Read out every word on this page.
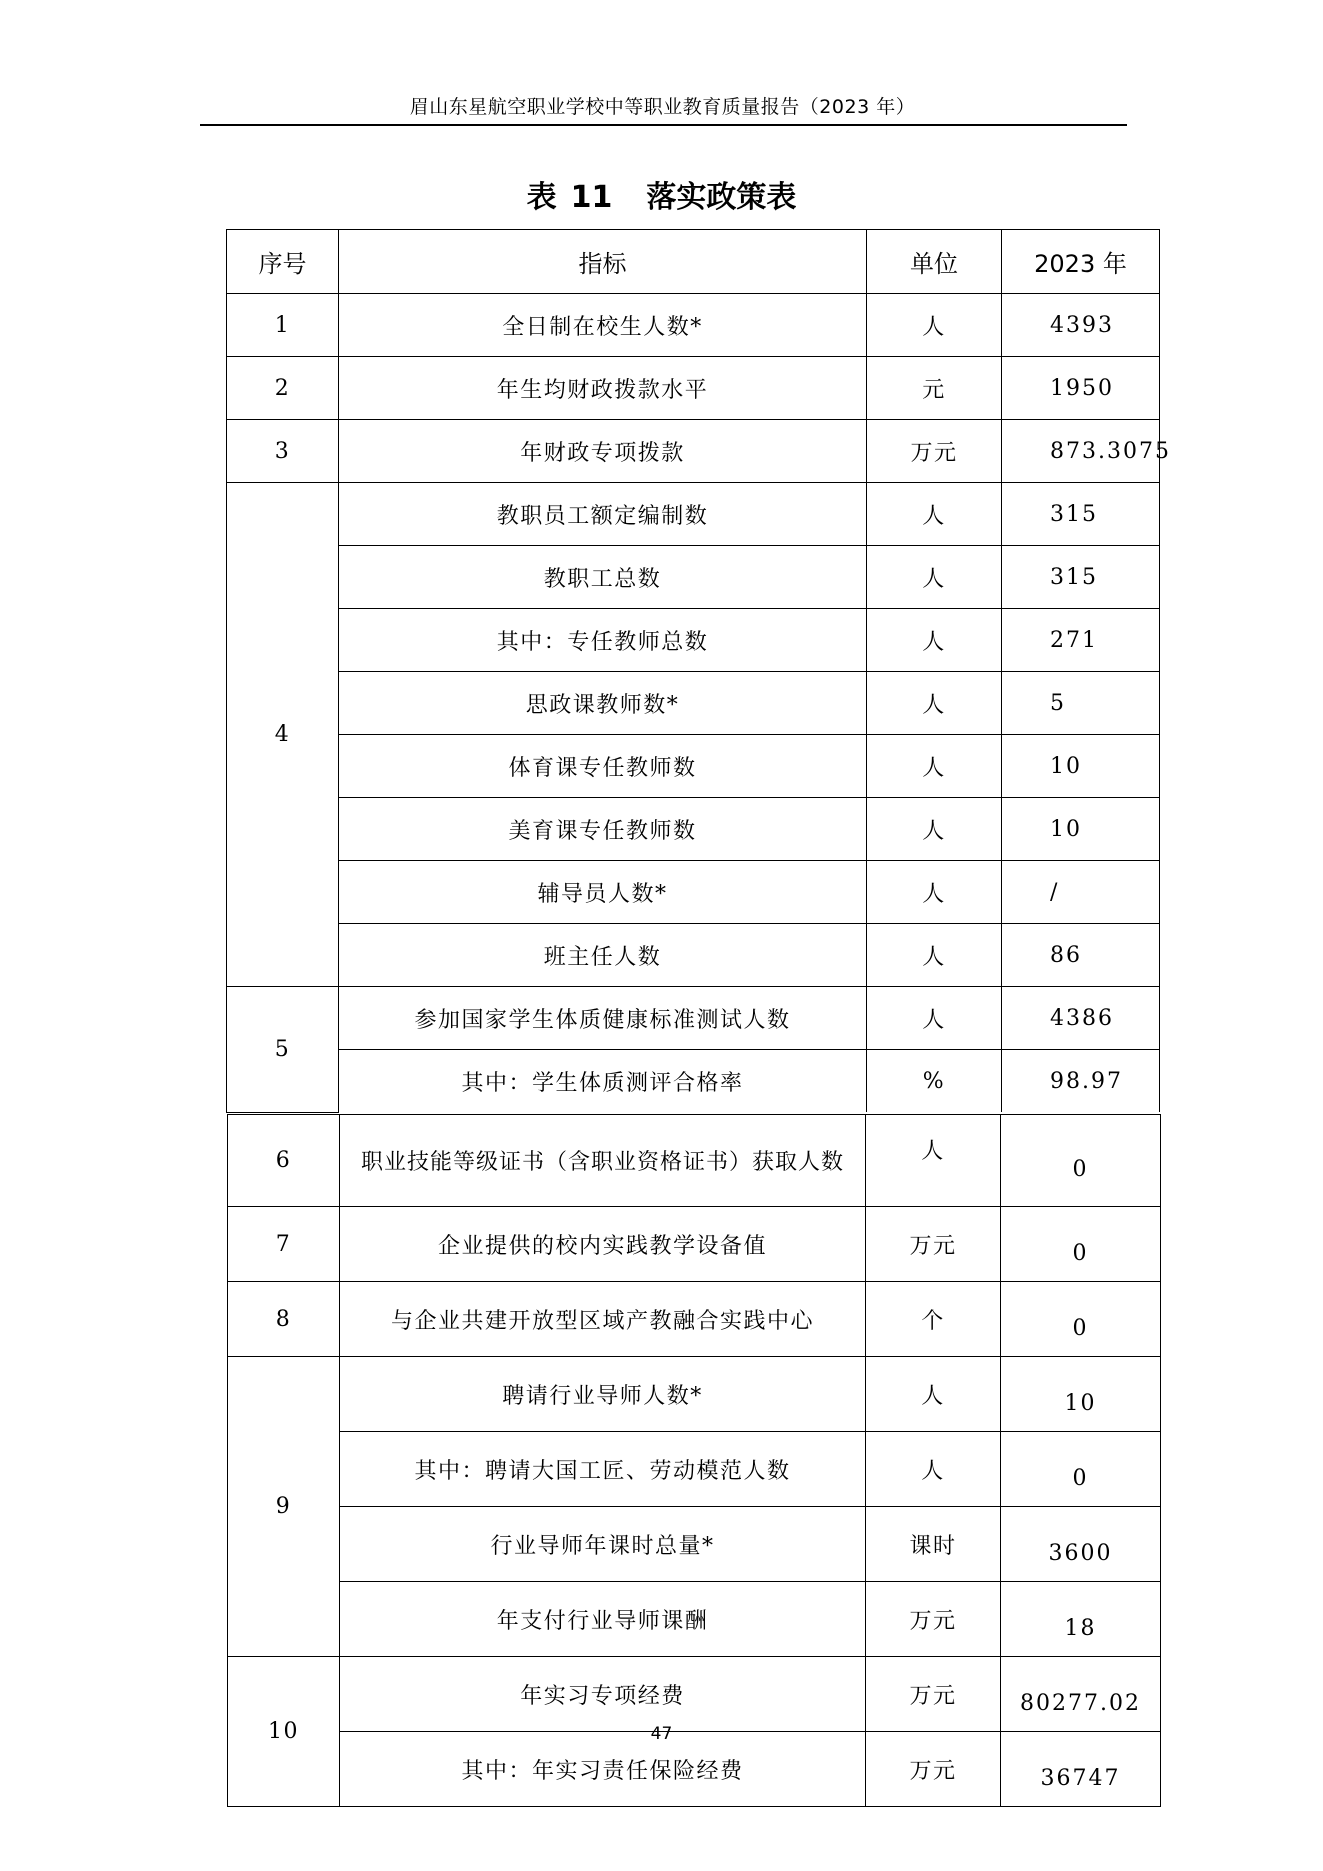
眉山东星航空职业学校中等职业教育质量报告（2023 年）
表 11 落实政策表
序号	指标	单位	2023 年
1	全日制在校生人数*	人	4393
2	年生均财政拨款水平	元	1950
3	年财政专项拨款	万元	873.3075
4	教职员工额定编制数	人	315
	教职工总数	人	315
	其中：专任教师总数	人	271
	思政课教师数*	人	5
	体育课专任教师数	人	10
	美育课专任教师数	人	10
	辅导员人数*	人	/
	班主任人数	人	86
5	参加国家学生体质健康标准测试人数	人	4386
	其中：学生体质测评合格率	%	98.97
6	职业技能等级证书（含职业资格证书）获取人数	人	0
7	企业提供的校内实践教学设备值	万元	0
8	与企业共建开放型区域产教融合实践中心	个	0
9	聘请行业导师人数*	人	10
	其中：聘请大国工匠、劳动模范人数	人	0
	行业导师年课时总量*	课时	3600
	年支付行业导师课酬	万元	18
10	年实习专项经费	万元	80277.02
	其中：年实习责任保险经费	万元	36747
47
